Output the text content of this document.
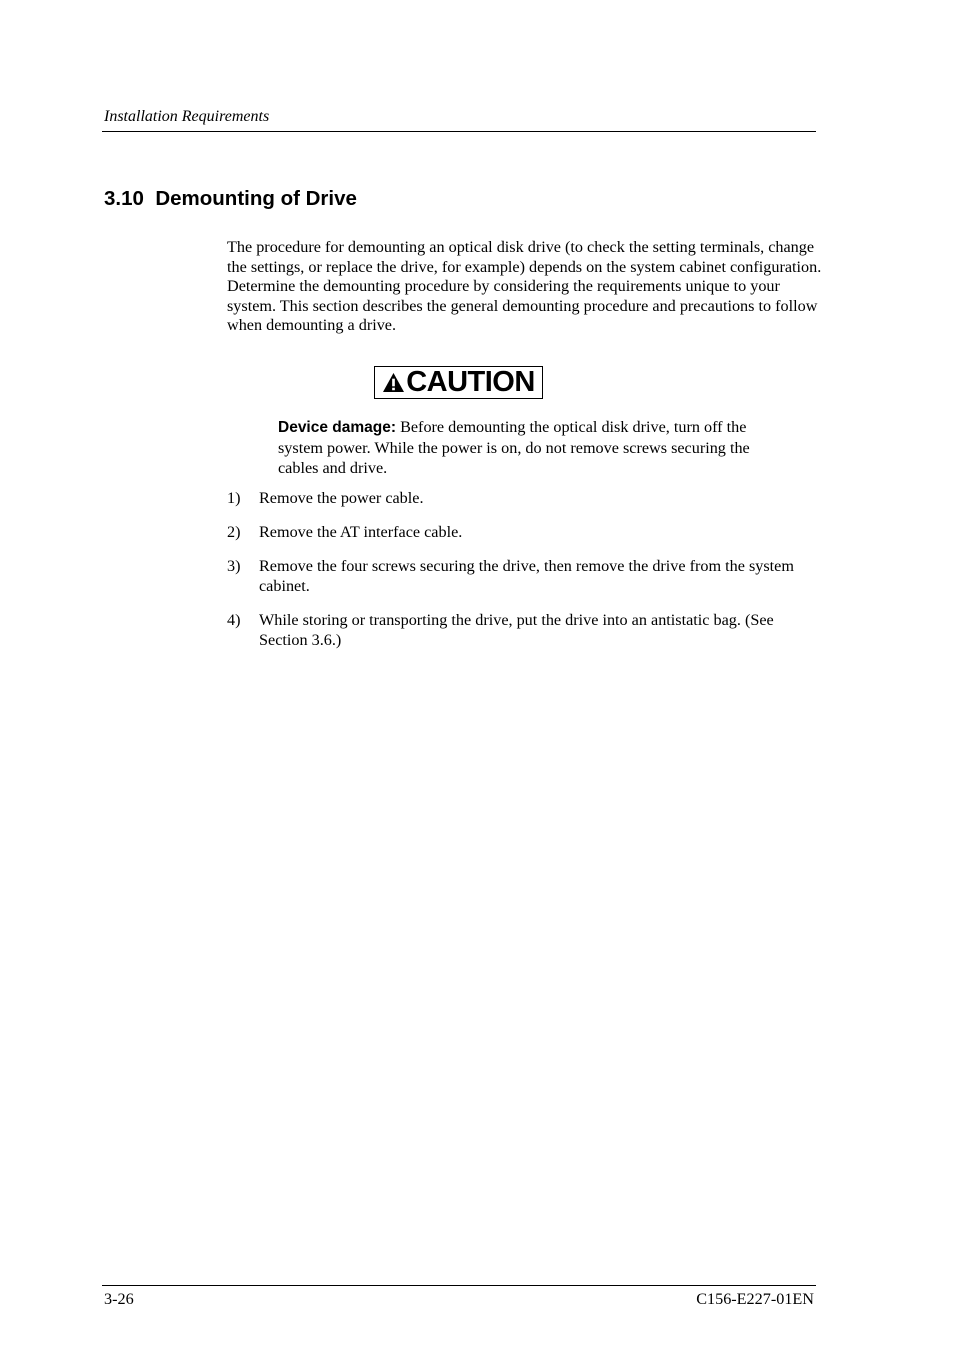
Installation Requirements
3.10 Demounting of Drive

The procedure for demounting an optical disk drive (to check the setting terminals, change the settings, or replace the drive, for example) depends on the system cabinet configuration. Determine the demounting procedure by considering the requirements unique to your system. This section describes the general demounting procedure and precautions to follow when demounting a drive.

CAUTION

Device damage: Before demounting the optical disk drive, turn off the system power. While the power is on, do not remove screws securing the cables and drive.

1) Remove the power cable.
2) Remove the AT interface cable.
3) Remove the four screws securing the drive, then remove the drive from the system cabinet.
4) While storing or transporting the drive, put the drive into an antistatic bag. (See Section 3.6.)
3-26	C156-E227-01EN
